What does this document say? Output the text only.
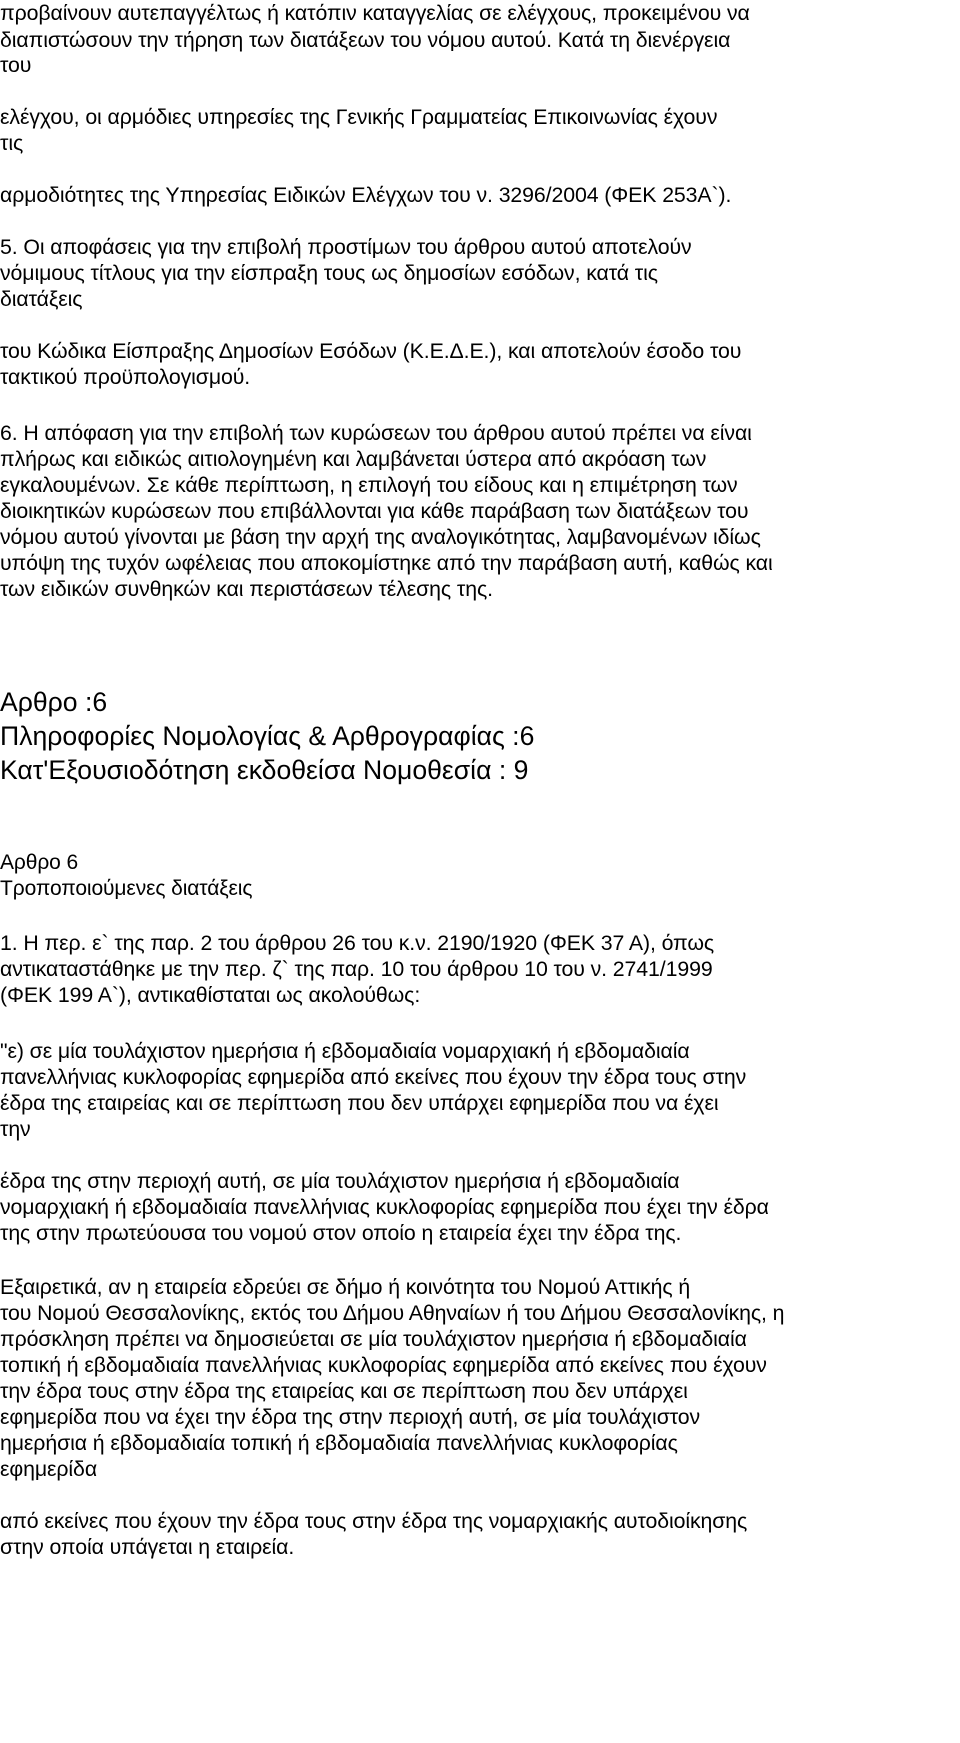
προβαίνουν αυτεπαγγέλτως ή κατόπιν καταγγελίας σε ελέγχους, προκειμένου να
διαπιστώσουν την τήρηση των διατάξεων του νόμου αυτού. Κατά τη διενέργεια
του
ελέγχου, οι αρμόδιες υπηρεσίες της Γενικής Γραμματείας Επικοινωνίας έχουν
τις
αρμοδιότητες της Υπηρεσίας Ειδικών Ελέγχων του ν. 3296/2004 (ΦΕΚ 253Α`).
5. Οι αποφάσεις για την επιβολή προστίμων του άρθρου αυτού αποτελούν
νόμιμους τίτλους για την είσπραξη τους ως δημοσίων εσόδων, κατά τις
διατάξεις
του Κώδικα Είσπραξης Δημοσίων Εσόδων (Κ.Ε.Δ.Ε.), και αποτελούν έσοδο του
τακτικού προϋπολογισμού.
6. Η απόφαση για την επιβολή των κυρώσεων του άρθρου αυτού πρέπει να είναι
πλήρως και ειδικώς αιτιολογημένη και λαμβάνεται ύστερα από ακρόαση των
εγκαλουμένων. Σε κάθε περίπτωση, η επιλογή του είδους και η επιμέτρηση των
διοικητικών κυρώσεων που επιβάλλονται για κάθε παράβαση των διατάξεων του
νόμου αυτού γίνονται με βάση την αρχή της αναλογικότητας, λαμβανομένων ιδίως
υπόψη της τυχόν ωφέλειας που αποκομίστηκε από την παράβαση αυτή, καθώς και
των ειδικών συνθηκών και περιστάσεων τέλεσης της.
Αρθρο :6
Πληροφορίες Νομολογίας & Αρθρογραφίας :6
Κατ'Εξουσιοδότηση εκδοθείσα Νομοθεσία : 9
Αρθρο 6
Τροποποιούμενες διατάξεις
1. Η περ. ε` της παρ. 2 του άρθρου 26 του κ.ν. 2190/1920 (ΦΕΚ 37 Α), όπως
αντικαταστάθηκε με την περ. ζ` της παρ. 10 του άρθρου 10 του ν. 2741/1999
(ΦΕΚ 199 Α`), αντικαθίσταται ως ακολούθως:
"ε) σε μία τουλάχιστον ημερήσια ή εβδομαδιαία νομαρχιακή ή εβδομαδιαία
πανελλήνιας κυκλοφορίας εφημερίδα από εκείνες που έχουν την έδρα τους στην
έδρα της εταιρείας και σε περίπτωση που δεν υπάρχει εφημερίδα που να έχει
την
έδρα της στην περιοχή αυτή, σε μία τουλάχιστον ημερήσια ή εβδομαδιαία
νομαρχιακή ή εβδομαδιαία πανελλήνιας κυκλοφορίας εφημερίδα που έχει την έδρα
της στην πρωτεύουσα του νομού στον οποίο η εταιρεία έχει την έδρα της.
Εξαιρετικά, αν η εταιρεία εδρεύει σε δήμο ή κοινότητα του Νομού Αττικής ή
του Νομού Θεσσαλονίκης, εκτός του Δήμου Αθηναίων ή του Δήμου Θεσσαλονίκης, η
πρόσκληση πρέπει να δημοσιεύεται σε μία τουλάχιστον ημερήσια ή εβδομαδιαία
τοπική ή εβδομαδιαία πανελλήνιας κυκλοφορίας εφημερίδα από εκείνες που έχουν
την έδρα τους στην έδρα της εταιρείας και σε περίπτωση που δεν υπάρχει
εφημερίδα που να έχει την έδρα της στην περιοχή αυτή, σε μία τουλάχιστον
ημερήσια ή εβδομαδιαία τοπική ή εβδομαδιαία πανελλήνιας κυκλοφορίας
εφημερίδα
από εκείνες που έχουν την έδρα τους στην έδρα της νομαρχιακής αυτοδιοίκησης
στην οποία υπάγεται η εταιρεία.
